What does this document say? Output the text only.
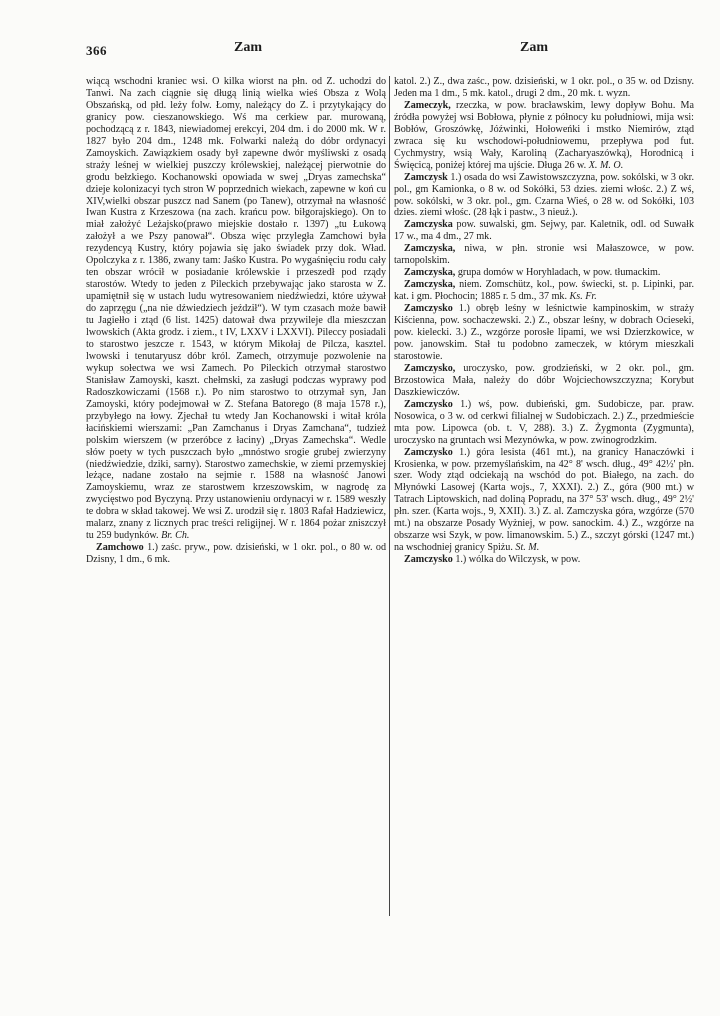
366	Zam	Zam

wiącą wschodni kraniec wsi. O kilka wiorst na płn. od Z. uchodzi do Tanwi. Na zach ciągnie się długą linią wielka wieś Obsza z Wolą Obszańską, od płd. leży folw. Łomy, należący do Z. i przytykający do granicy pow. cieszanowskiego. Wś ma cerkiew par. murowaną, pochodzącą z r. 1843, niewiadomej erekcyi, 204 dm. i do 2000 mk. W r. 1827 było 204 dm., 1248 mk. Folwarki należą do dóbr ordynacyi Zamoyskich. Zawiązkiem osady był zapewne dwór myśliwski z osadą straży leśnej w wielkiej puszczy królewskiej, należącej pierwotnie do grodu bełzkiego. Kochanowski opowiada w swej „Dryas zamechska“ dzieje kolonizacyi tych stron W poprzednich wiekach, zapewne w koń cu XIV,wielki obszar puszcz nad Sanem (po Tanew), otrzymał na własność Iwan Kustra z Krzeszowa (na zach. krańcu pow. biłgorajskiego). On to miał założyć Leżajsko(prawo miejskie dostało r. 1397) „tu Łukową założył a we Pszy panował“. Obsza więc przyległa Zamchowi była rezydencyą Kustry, który pojawia się jako świadek przy dok. Wład. Opolczyka z r. 1386, zwany tam: Jaśko Kustra. Po wygaśnięciu rodu cały ten obszar wrócił w posiadanie królewskie i przeszedł pod rządy starostów. Wtedy to jeden z Pileckich przebywając jako starosta w Z. upamiętnił się w ustach ludu wytresowaniem niedźwiedzi, które używał do zaprzęgu („na nie dźwiedziech jeździł“). W tym czasach może bawił tu Jagiełło i ztąd (6 list. 1425) datował dwa przywileje dla mieszczan lwowskich (Akta grodz. i ziem., t IV, LXXV i LXXVI). Pileccy posiadali to starostwo jeszcze r. 1543, w którym Mikołaj de Pilcza, kasztel. lwowski i tenutaryusz dóbr król. Zamech, otrzymuje pozwolenie na wykup sołectwa we wsi Zamech. Po Pileckich otrzymał starostwo Stanisław Zamoyski, kaszt. chełmski, za zasługi podczas wyprawy pod Radoszkowiczami (1568 r.). Po nim starostwo to otrzymał syn, Jan Zamoyski, który podejmował w Z. Stefana Batorego (8 maja 1578 r.), przybyłego na łowy. Zjechał tu wtedy Jan Kochanowski i witał króla łacińskiemi wierszami: „Pan Zamchanus i Dryas Zamchana“, tudzież polskim wierszem (w przeróbce z łaciny) „Dryas Zamechska“. Wedle słów poety w tych puszczach było „mnóstwo srogie grubej zwierzyny (niedźwiedzie, dziki, sarny). Starostwo zamechskie, w ziemi przemyskiej leżące, nadane zostało na sejmie r. 1588 na własność Janowi Zamoyskiemu, wraz ze starostwem krzeszowskim, w nagrodę za zwycięstwo pod Byczyną. Przy ustanowieniu ordynacyi w r. 1589 weszły te dobra w skład takowej. We wsi Z. urodził się r. 1803 Rafał Hadziewicz, malarz, znany z licznych prac treści religijnej. W r. 1864 pożar zniszczył tu 259 budynków. Br. Ch.

Zamchowo 1.) zaśc. pryw., pow. dzisieński, w 1 okr. pol., o 80 w. od Dzisny, 1 dm., 6 mk.

katol. 2.) Z., dwa zaśc., pow. dzisieński, w 1 okr. pol., o 35 w. od Dzisny. Jeden ma 1 dm., 5 mk. katol., drugi 2 dm., 20 mk. t. wyzn.

Zameczyk, rzeczka, w pow. bracławskim, lewy dopływ Bohu. Ma źródła powyżej wsi Bobłowa, płynie z północy ku południowi, mija wsi: Bobłów, Groszówkę, Jóźwinki, Hołoweńki i mstko Niemirów, ztąd zwraca się ku wschodowi-południowemu, przepływa pod fut. Cychmystry, wsią Wały, Karoliną (Zacharyaszówką), Horodnicą i Święcicą, poniżej której ma ujście. Długa 26 w. X. M. O.

Zamczysk 1.) osada do wsi Zawistowszczyzna, pow. sokólski, w 3 okr. pol., gm Kamionka, o 8 w. od Sokółki, 53 dzies. ziemi włośc. 2.) Z wś, pow. sokólski, w 3 okr. pol., gm. Czarna Wieś, o 28 w. od Sokółki, 103 dzies. ziemi włośc. (28 łąk i pastw., 3 nieuż.).

Zamczyska pow. suwalski, gm. Sejwy, par. Kaletnik, odl. od Suwałk 17 w., ma 4 dm., 27 mk.

Zamczyska, niwa, w płn. stronie wsi Małaszowce, w pow. tarnopolskim.

Zamczyska, grupa domów w Horyhladach, w pow. tłumackim.

Zamczyska, niem. Zomschütz, kol., pow. świecki, st. p. Lipinki, par. kat. i gm. Płochocin; 1885 r. 5 dm., 37 mk. Ks. Fr.

Zamczysko 1.) obręb leśny w leśnictwie kampinoskim, w straży Kiścienna, pow. sochaczewski. 2.) Z., obszar leśny, w dobrach Ocieseki, pow. kielecki. 3.) Z., wzgórze porosłe lipami, we wsi Dzierzkowice, w pow. janowskim. Stał tu podobno zameczek, w którym mieszkali starostowie.

Zamczysko, uroczysko, pow. grodzieński, w 2 okr. pol., gm. Brzostowica Mała, należy do dóbr Wojciechowszczyzna; Korybut Daszkiewiczów.

Zamczysko 1.) wś, pow. dubieński, gm. Sudobicze, par. praw. Nosowica, o 3 w. od cerkwi filialnej w Sudobiczach. 2.) Z., przedmieście mta pow. Lipowca (ob. t. V, 288). 3.) Z. Żygmonta (Zygmunta), uroczysko na gruntach wsi Mezynówka, w pow. zwinogrodzkim.

Zamczysko 1.) góra lesista (461 mt.), na granicy Hanaczówki i Krosienka, w pow. przemyślańskim, na 42° 8' wsch. dług., 49° 42½' płn. szer. Wody ztąd odciekają na wschód do pot. Białego, na zach. do Młynówki Lasowej (Karta wojs., 7, XXXI). 2.) Z., góra (900 mt.) w Tatrach Liptowskich, nad doliną Popradu, na 37° 53' wsch. dług., 49° 2½' płn. szer. (Karta wojs., 9, XXII). 3.) Z. al. Zamczyska góra, wzgórze (570 mt.) na obszarze Posady Wyżniej, w pow. sanockim. 4.) Z., wzgórze na obszarze wsi Szyk, w pow. limanowskim. 5.) Z., szczyt górski (1247 mt.) na wschodniej granicy Spiżu. St. M.

Zamczysko 1.) wólka do Wilczysk, w pow.
